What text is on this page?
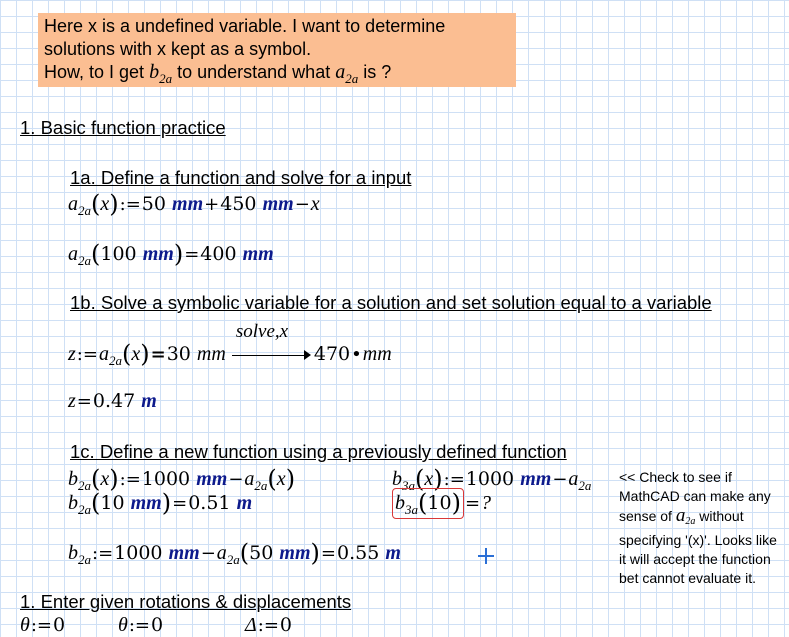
Here x is a undefined variable. I want to determine
solutions with x kept as a symbol.
How, to I get $b_{2a}$ to understand what $a_{2a}$ is ?
1. Basic function practice
1a. Define a function and solve for a input
$a_{2a}(x):=50$ mm+450 mm−x
$a_{2a}(100$ mm)=400 mm
1b. Solve a symbolic variable for a solution and set solution equal to a variable
$z:=a_{2a}(x)=30$ mm
solve,x
470•mm
z=0.47 m
1c. Define a new function using a previously defined function
$b_{2a}(x):=1000$ $mm-a_{2a}(x)$
$b_{2a}(10$ mm)=0.51 m
$b_{3a}(x):=1000$ $mm-a_{2a}$
$b_{3a}(10)$ =?
$b_{2a}:=1000$ $mm-a_{2a}(50$ mm)=0.55 m
<< Check to see if MathCAD can make any sense of $a_{2a}$ without specifying '(x)'. Looks like it will accept the function bet cannot evaluate it.
1. Enter given rotations & displacements
θ:=0	θ:=0	Δ:=0
